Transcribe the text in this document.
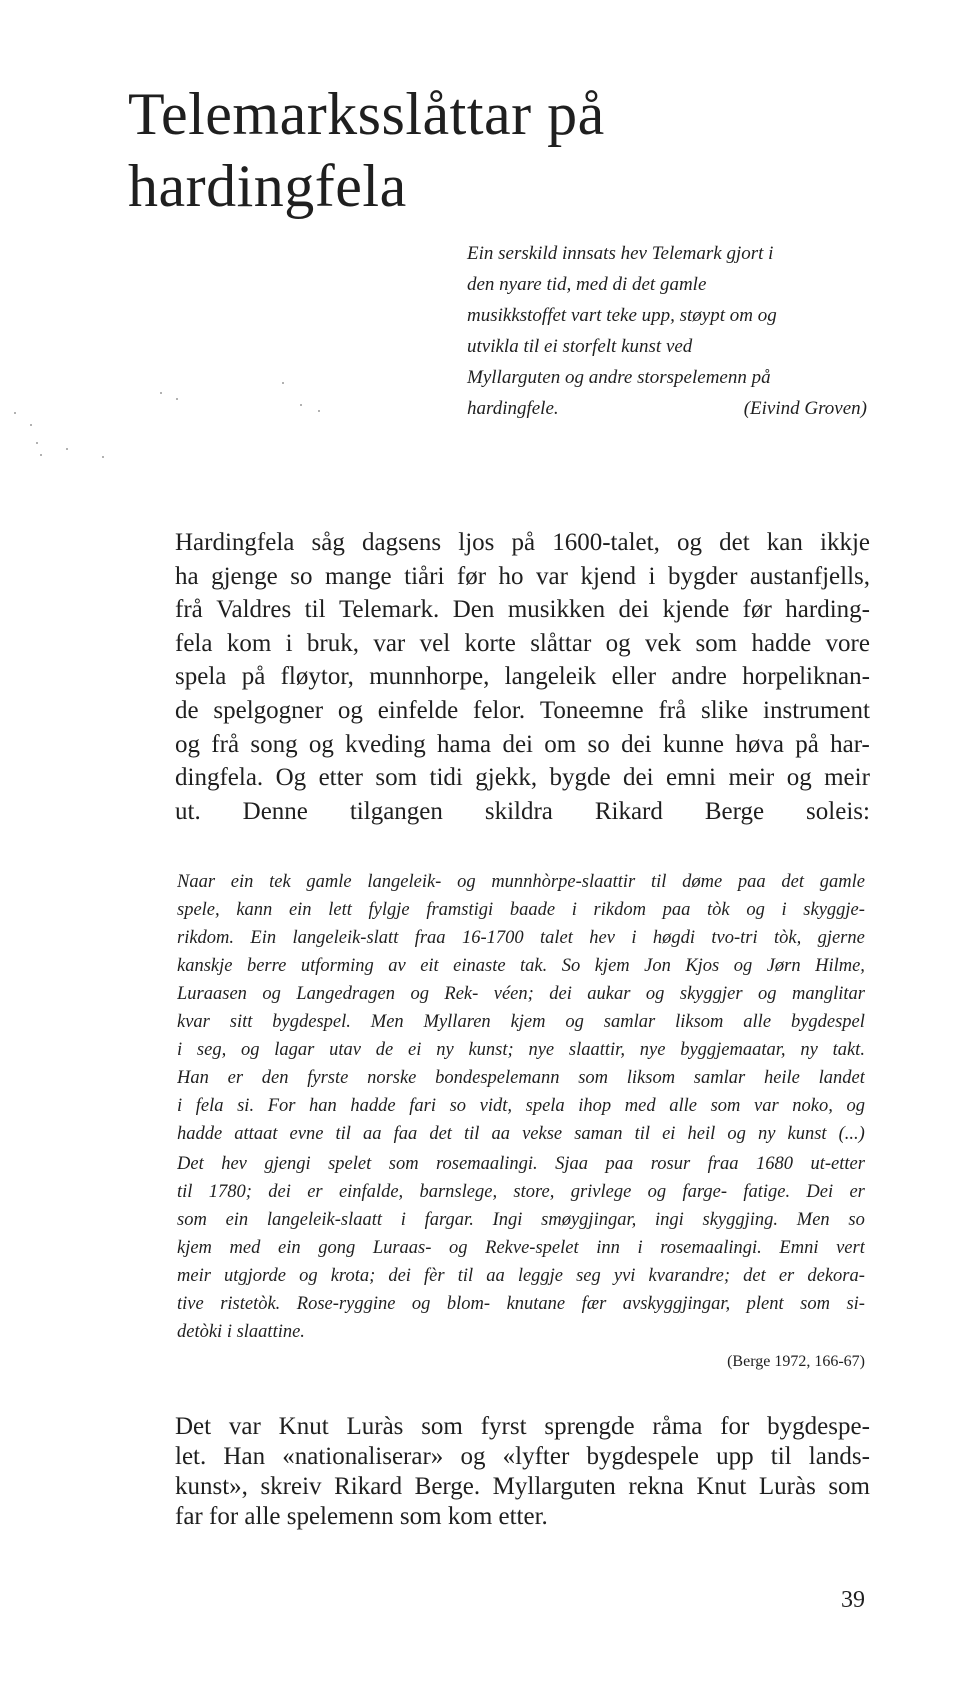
Telemarksslåttar på
hardingfela
Ein serskild innsats hev Telemark gjort i
den nyare tid, med di det gamle
musikkstoffet vart teke upp, støypt om og
utvikla til ei storfelt kunst ved
Myllarguten og andre storspelemenn på
hardingfele.	(Eivind Groven)
Hardingfela såg dagsens ljos på 1600-talet, og det kan ikkje
ha gjenge so mange tiåri før ho var kjend i bygder austanfjells,
frå Valdres til Telemark. Den musikken dei kjende før harding-
fela kom i bruk, var vel korte slåttar og vek som hadde vore
spela på fløytor, munnhorpe, langeleik eller andre horpeliknan-
de spelgogner og einfelde felor. Toneemne frå slike instrument
og frå song og kveding hama dei om so dei kunne høva på har-
dingfela. Og etter som tidi gjekk, bygde dei emni meir og meir
ut. Denne tilgangen skildra Rikard Berge soleis:
Naar ein tek gamle langeleik- og munnhòrpe-slaattir til døme paa det gamle
spele, kann ein lett fylgje framstigi baade i rikdom paa tòk og i skyggje-
rikdom. Ein langeleik-slatt fraa 16-1700 talet hev i høgdi tvo-tri tòk, gjerne
kanskje berre utforming av eit einaste tak. So kjem Jon Kjos og Jørn Hilme,
Luraasen og Langedragen og Rek- véen; dei aukar og skyggjer og manglitar
kvar sitt bygdespel. Men Myllaren kjem og samlar liksom alle bygdespel
i seg, og lagar utav de ei ny kunst; nye slaattir, nye byggjemaatar, ny takt.
Han er den fyrste norske bondespelemann som liksom samlar heile landet
i fela si. For han hadde fari so vidt, spela ihop med alle som var noko, og
hadde attaat evne til aa faa det til aa vekse saman til ei heil og ny kunst (...)
Det hev gjengi spelet som rosemaalingi. Sjaa paa rosur fraa 1680 ut-etter
til 1780; dei er einfalde, barnslege, store, grivlege og farge- fatige. Dei er
som ein langeleik-slaatt i fargar. Ingi smøygjingar, ingi skyggjing. Men so
kjem med ein gong Luraas- og Rekve-spelet inn i rosemaalingi. Emni vert
meir utgjorde og krota; dei fèr til aa leggje seg yvi kvarandre; det er dekora-
tive ristetòk. Rose-ryggine og blom- knutane fær avskyggjingar, plent som si-
detòki i slaattine.
(Berge 1972, 166-67)
Det var Knut Luràs som fyrst sprengde råma for bygdespe-
let. Han «nationaliserar» og «lyfter bygdespele upp til lands-
kunst», skreiv Rikard Berge. Myllarguten rekna Knut Luràs som
far for alle spelemenn som kom etter.
39
